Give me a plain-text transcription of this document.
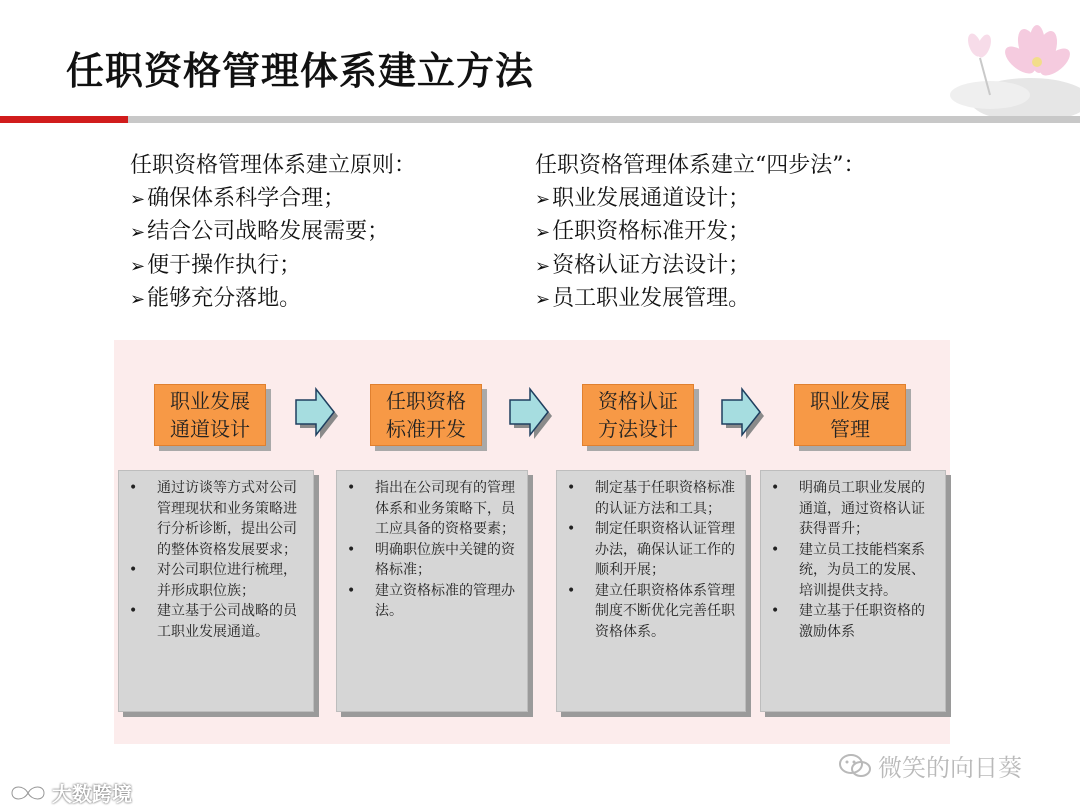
任职资格管理体系建立方法
任职资格管理体系建立原则：
➢ 确保体系科学合理；
➢ 结合公司战略发展需要；
➢ 便于操作执行；
➢ 能够充分落地。
任职资格管理体系建立“四步法”：
➢ 职业发展通道设计；
➢ 任职资格标准开发；
➢ 资格认证方法设计；
➢ 员工职业发展管理。
职业发展
通道设计
任职资格
标准开发
资格认证
方法设计
职业发展
管理
• 通过访谈等方式对公司管理现状和业务策略进行分析诊断，提出公司的整体资格发展要求；
• 对公司职位进行梳理，并形成职位族；
• 建立基于公司战略的员工职业发展通道。
• 指出在公司现有的管理体系和业务策略下，员工应具备的资格要素；
• 明确职位族中关键的资格标准；
• 建立资格标准的管理办法。
• 制定基于任职资格标准的认证方法和工具；
• 制定任职资格认证管理办法，确保认证工作的顺利开展；
• 建立任职资格体系管理制度不断优化完善任职资格体系。
• 明确员工职业发展的通道，通过资格认证获得晋升；
• 建立员工技能档案系统，为员工的发展、培训提供支持。
• 建立基于任职资格的激励体系
微笑的向日葵
大数跨境
